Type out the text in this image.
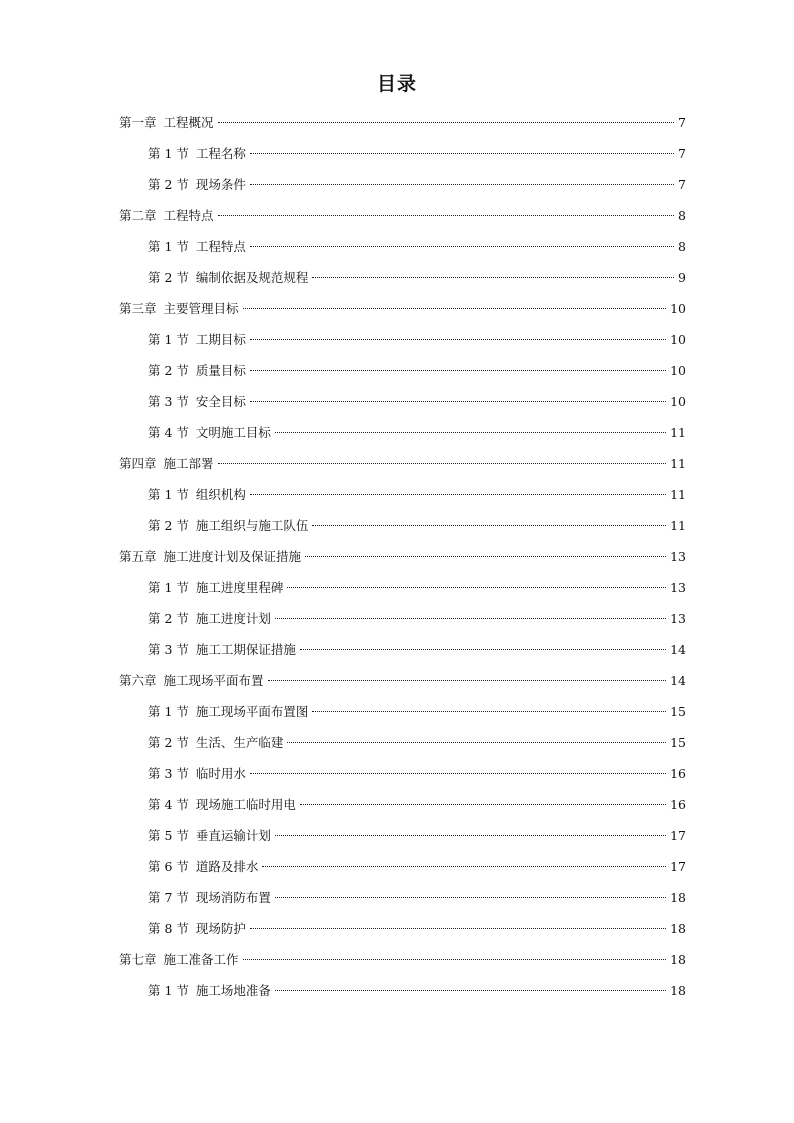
目录
第一章 工程概况	7
第 1 节 工程名称	7
第 2 节 现场条件	7
第二章 工程特点	8
第 1 节 工程特点	8
第 2 节 编制依据及规范规程	9
第三章 主要管理目标	10
第 1 节 工期目标	10
第 2 节 质量目标	10
第 3 节 安全目标	10
第 4 节 文明施工目标	11
第四章 施工部署	11
第 1 节 组织机构	11
第 2 节 施工组织与施工队伍	11
第五章 施工进度计划及保证措施	13
第 1 节 施工进度里程碑	13
第 2 节 施工进度计划	13
第 3 节 施工工期保证措施	14
第六章 施工现场平面布置	14
第 1 节 施工现场平面布置图	15
第 2 节 生活、生产临建	15
第 3 节 临时用水	16
第 4 节 现场施工临时用电	16
第 5 节 垂直运输计划	17
第 6 节 道路及排水	17
第 7 节 现场消防布置	18
第 8 节 现场防护	18
第七章 施工准备工作	18
第 1 节 施工场地准备	18
